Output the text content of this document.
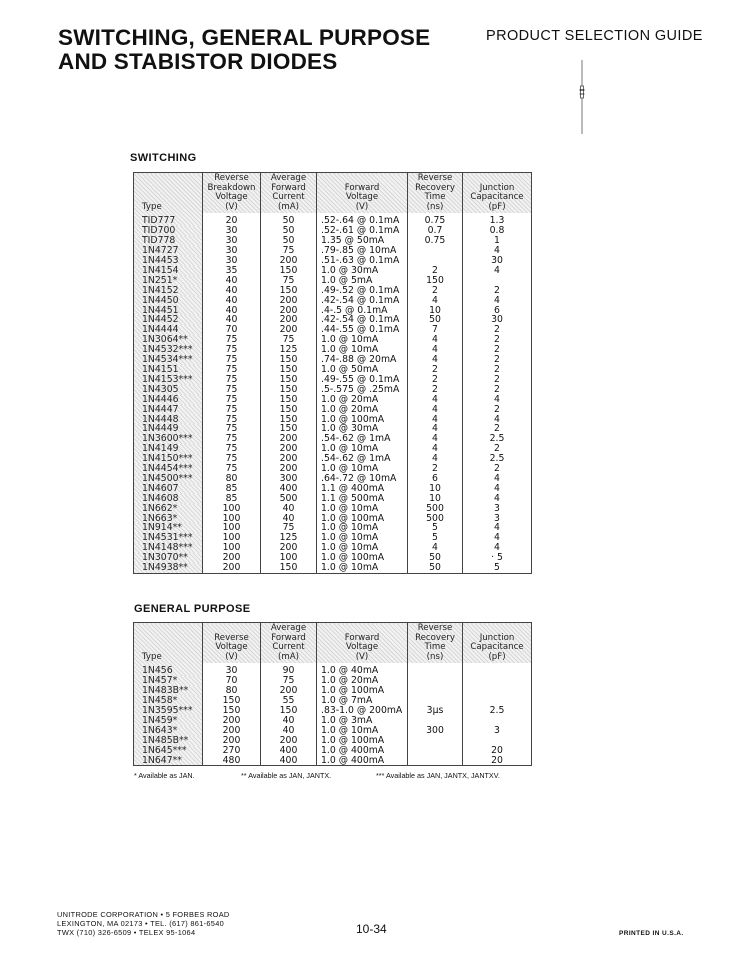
SWITCHING, GENERAL PURPOSE
AND STABISTOR DIODES
PRODUCT SELECTION GUIDE
SWITCHING
Type	Reverse
Breakdown
Voltage
(V)	Average
Forward
Current
(mA)	Forward
Voltage
(V)	Reverse
Recovery
Time
(ns)	Junction
Capacitance
(pF)
TID777	20	50	.52-.64 @ 0.1mA	0.75	1.3
TID700	30	50	.52-.61 @ 0.1mA	0.7	0.8
TID778	30	50	1.35 @ 50mA	0.75	1
1N4727	30	75	.79-.85 @ 10mA		4
1N4453	30	200	.51-.63 @ 0.1mA		30
1N4154	35	150	1.0 @ 30mA	2	4
1N251*	40	75	1.0 @ 5mA	150	
1N4152	40	150	.49-.52 @ 0.1mA	2	2
1N4450	40	200	.42-.54 @ 0.1mA	4	4
1N4451	40	200	.4-.5 @ 0.1mA	10	6
1N4452	40	200	.42-.54 @ 0.1mA	50	30
1N4444	70	200	.44-.55 @ 0.1mA	7	2
1N3064**	75	75	1.0 @ 10mA	4	2
1N4532***	75	125	1.0 @ 10mA	4	2
1N4534***	75	150	.74-.88 @ 20mA	4	2
1N4151	75	150	1.0 @ 50mA	2	2
1N4153***	75	150	.49-.55 @ 0.1mA	2	2
1N4305	75	150	.5-.575 @ .25mA	2	2
1N4446	75	150	1.0 @ 20mA	4	4
1N4447	75	150	1.0 @ 20mA	4	2
1N4448	75	150	1.0 @ 100mA	4	4
1N4449	75	150	1.0 @ 30mA	4	2
1N3600***	75	200	.54-.62 @ 1mA	4	2.5
1N4149	75	200	1.0 @ 10mA	4	2
1N4150***	75	200	.54-.62 @ 1mA	4	2.5
1N4454***	75	200	1.0 @ 10mA	2	2
1N4500***	80	300	.64-.72 @ 10mA	6	4
1N4607	85	400	1.1 @ 400mA	10	4
1N4608	85	500	1.1 @ 500mA	10	4
1N662*	100	40	1.0 @ 10mA	500	3
1N663*	100	40	1.0 @ 100mA	500	3
1N914**	100	75	1.0 @ 10mA	5	4
1N4531***	100	125	1.0 @ 10mA	5	4
1N4148***	100	200	1.0 @ 10mA	4	4
1N3070**	200	100	1.0 @ 100mA	50	· 5
1N4938**	200	150	1.0 @ 10mA	50	5
GENERAL PURPOSE
Type	Reverse
Voltage
(V)	Average
Forward
Current
(mA)	Forward
Voltage
(V)	Reverse
Recovery
Time
(ns)	Junction
Capacitance
(pF)
1N456	30	90	1.0 @ 40mA		
1N457*	70	75	1.0 @ 20mA		
1N483B**	80	200	1.0 @ 100mA		
1N458*	150	55	1.0 @ 7mA		
1N3595***	150	150	.83-1.0 @ 200mA	3μs	2.5
1N459*	200	40	1.0 @ 3mA		
1N643*	200	40	1.0 @ 10mA	300	3
1N485B**	200	200	1.0 @ 100mA		
1N645***	270	400	1.0 @ 400mA		20
1N647**	480	400	1.0 @ 400mA		20
* Available as JAN.	** Available as JAN, JANTX.	*** Available as JAN, JANTX, JANTXV.
UNITRODE CORPORATION • 5 FORBES ROAD
LEXINGTON, MA 02173 • TEL. (617) 861-6540
TWX (710) 326-6509 • TELEX 95-1064	10-34	PRINTED IN U.S.A.
